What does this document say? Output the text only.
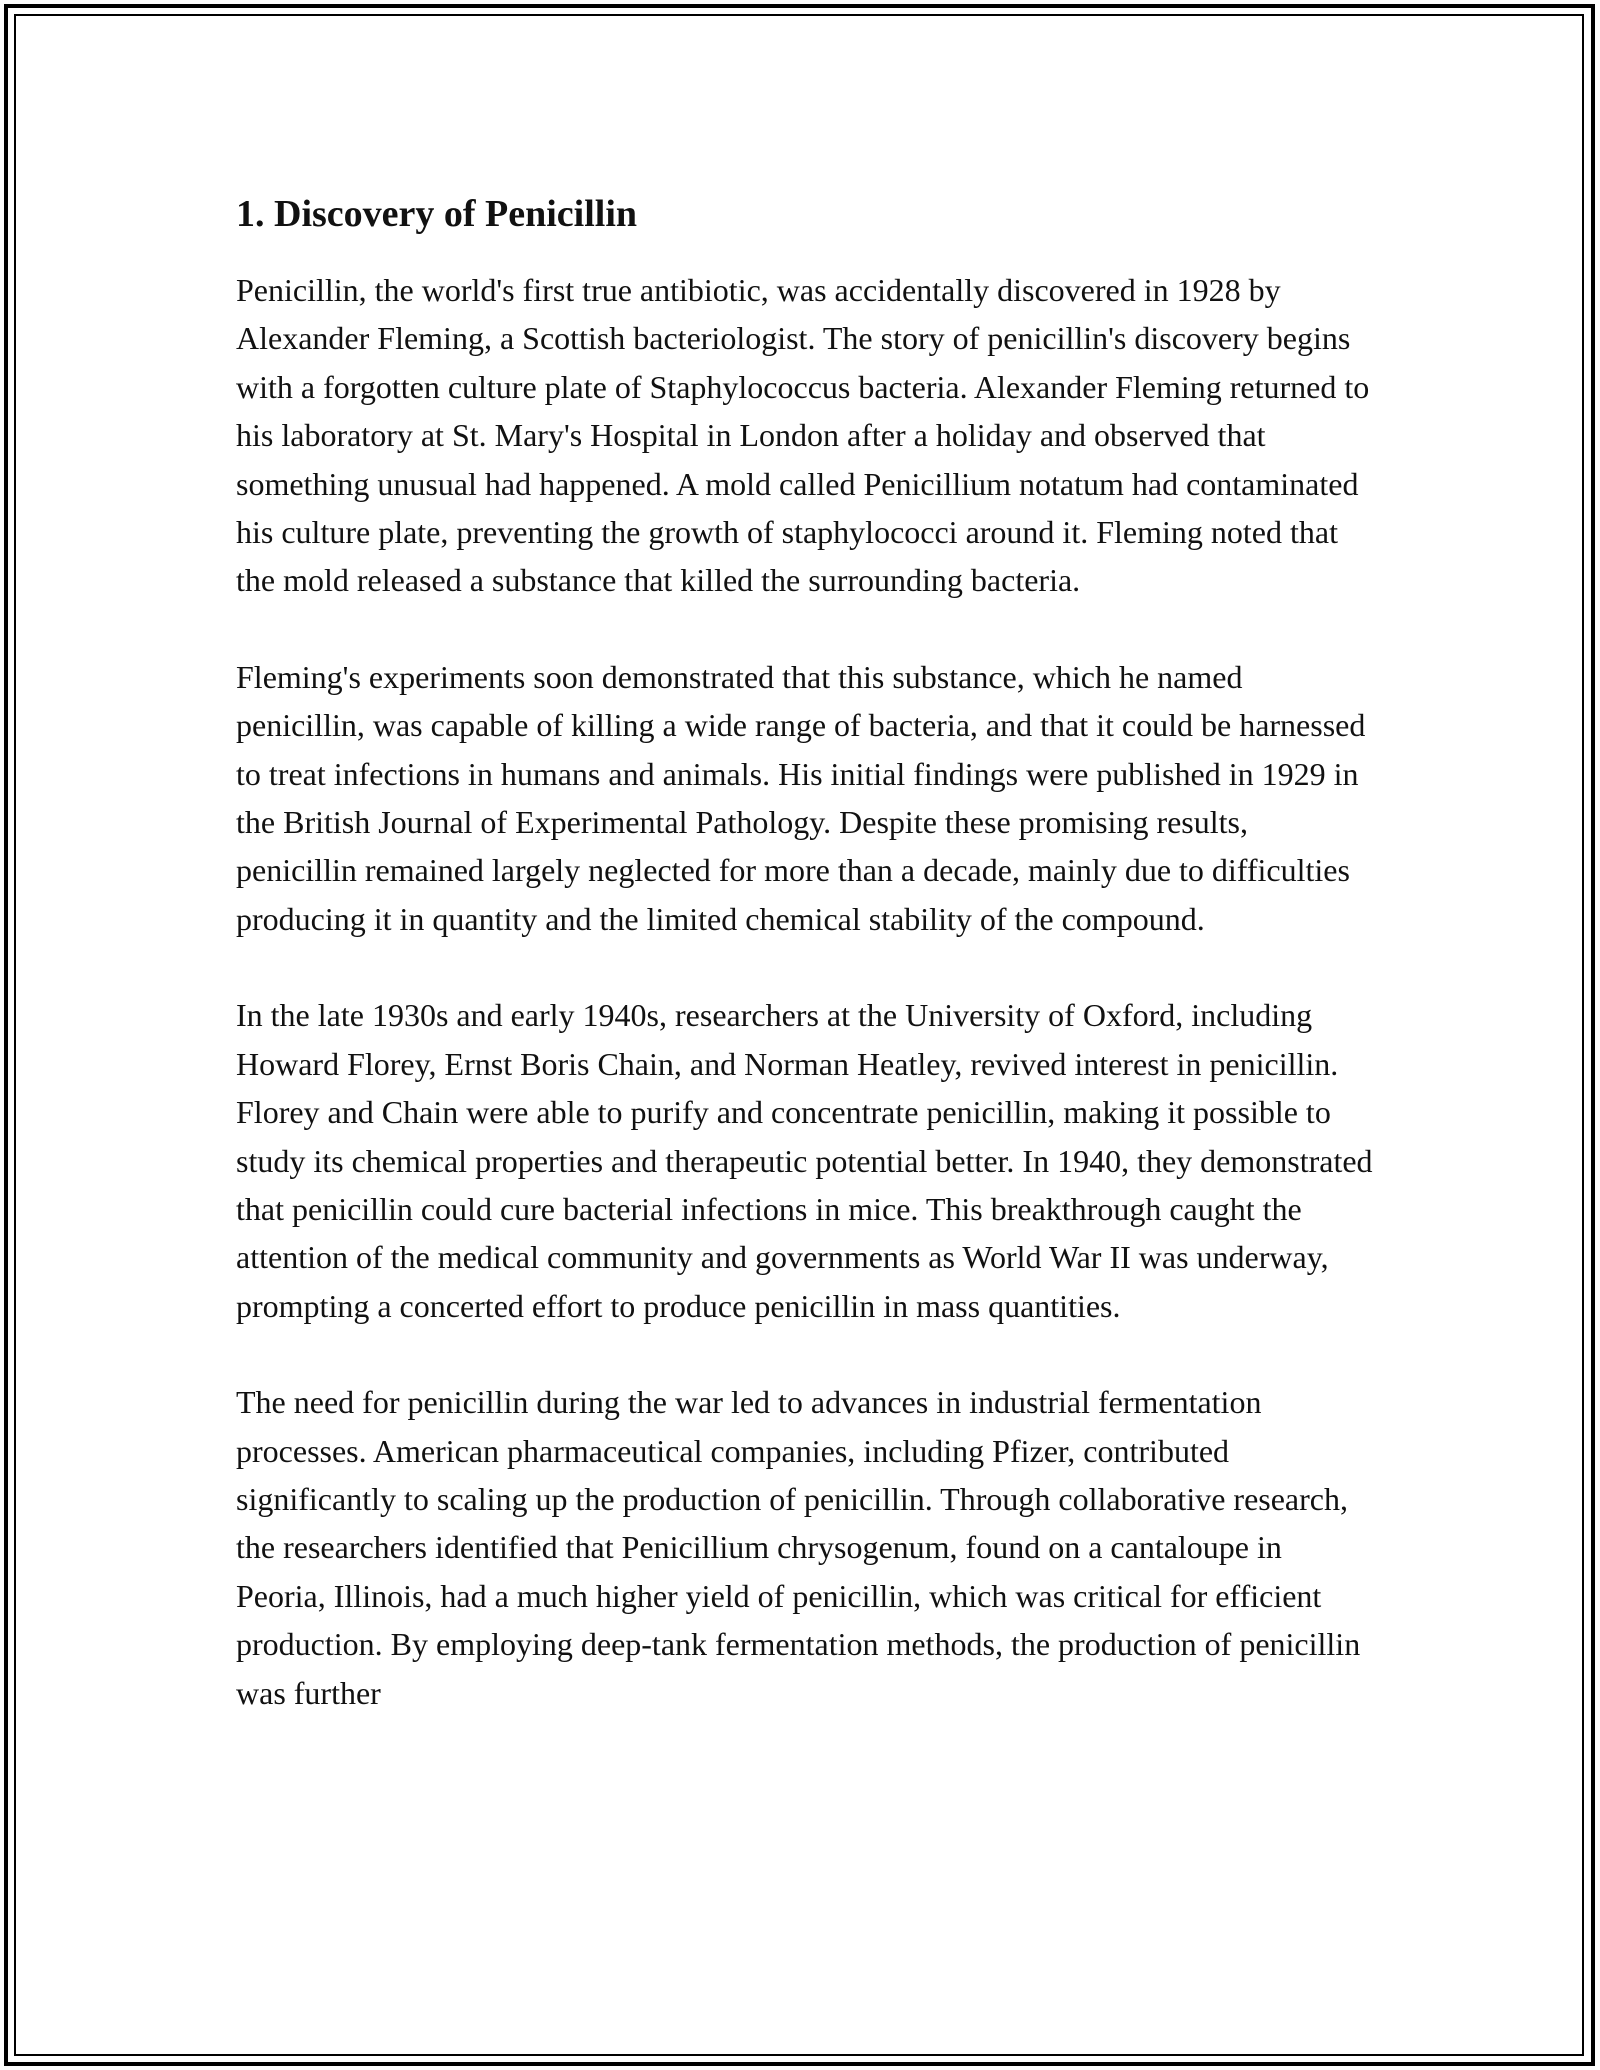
1. Discovery of Penicillin

Penicillin, the world's first true antibiotic, was accidentally discovered in 1928 by Alexander Fleming, a Scottish bacteriologist. The story of penicillin's discovery begins with a forgotten culture plate of Staphylococcus bacteria. Alexander Fleming returned to his laboratory at St. Mary's Hospital in London after a holiday and observed that something unusual had happened. A mold called Penicillium notatum had contaminated his culture plate, preventing the growth of staphylococci around it. Fleming noted that the mold released a substance that killed the surrounding bacteria.

Fleming's experiments soon demonstrated that this substance, which he named penicillin, was capable of killing a wide range of bacteria, and that it could be harnessed to treat infections in humans and animals. His initial findings were published in 1929 in the British Journal of Experimental Pathology. Despite these promising results, penicillin remained largely neglected for more than a decade, mainly due to difficulties producing it in quantity and the limited chemical stability of the compound.

In the late 1930s and early 1940s, researchers at the University of Oxford, including Howard Florey, Ernst Boris Chain, and Norman Heatley, revived interest in penicillin. Florey and Chain were able to purify and concentrate penicillin, making it possible to study its chemical properties and therapeutic potential better. In 1940, they demonstrated that penicillin could cure bacterial infections in mice. This breakthrough caught the attention of the medical community and governments as World War II was underway, prompting a concerted effort to produce penicillin in mass quantities.

The need for penicillin during the war led to advances in industrial fermentation processes. American pharmaceutical companies, including Pfizer, contributed significantly to scaling up the production of penicillin. Through collaborative research, the researchers identified that Penicillium chrysogenum, found on a cantaloupe in Peoria, Illinois, had a much higher yield of penicillin, which was critical for efficient production. By employing deep-tank fermentation methods, the production of penicillin was further
